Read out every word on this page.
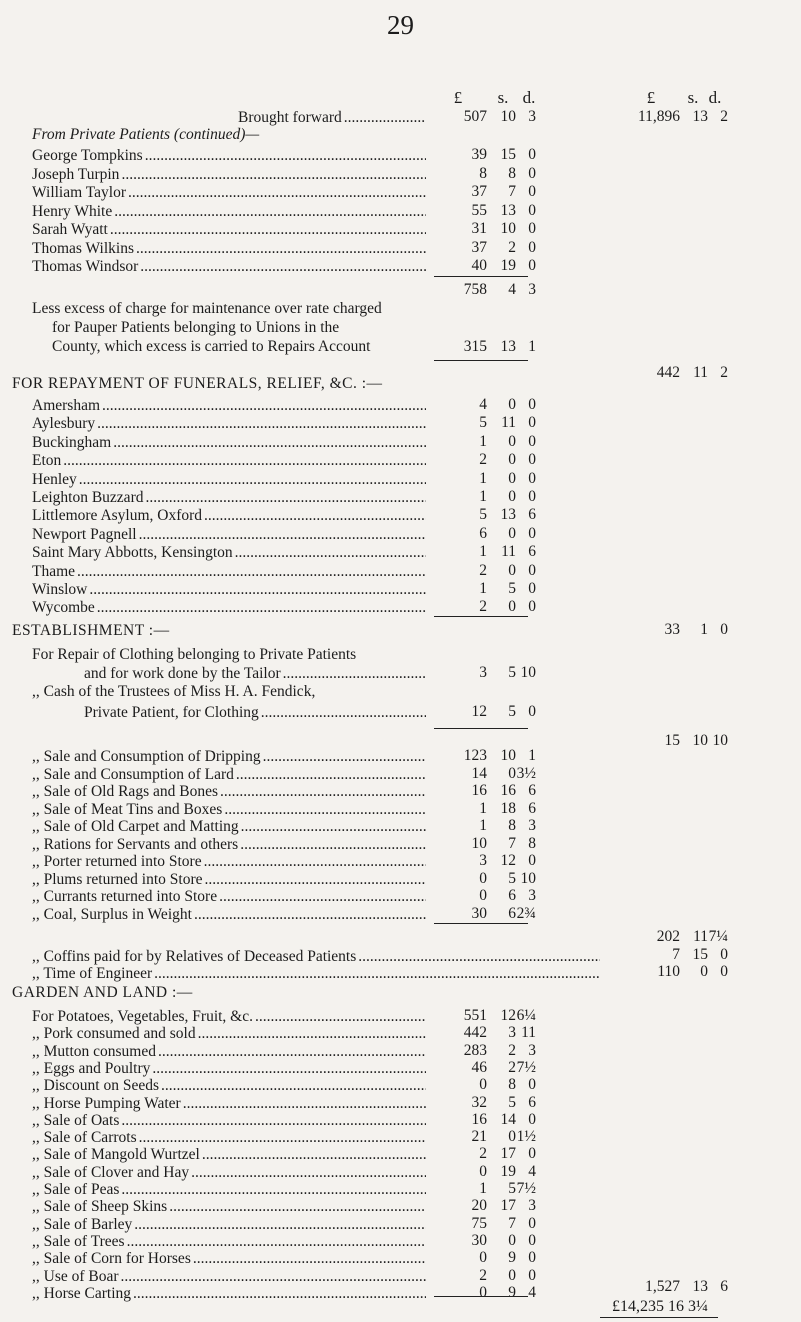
29
£	s. d.	£	s. d.
Brought forward .....	507 10 3	11,896 13 2
From Private Patients (continued)—
George Tompkins .....	39 15 0
Joseph Turpin .....	8	8 0
William Taylor .....	37	7 0
Henry White .....	55 13 0
Sarah Wyatt .....	31 10 0
Thomas Wilkins .....	37	2 0
Thomas Windsor .....	40 19 0
758	4 3
Less excess of charge for maintenance over rate charged
for Pauper Patients belonging to Unions in the
County, which excess is carried to Repairs Account	315 13 1
442 11 2
FOR REPAYMENT OF FUNERALS, RELIEF, &C. :—
Amersham .....	4	0 0
Aylesbury .....	5 11 0
Buckingham .....	1	0 0
Eton .....	2	0 0
Henley .....	1	0 0
Leighton Buzzard .....	1	0 0
Littlemore Asylum, Oxford .....	5 13 6
Newport Pagnell .....	6	0 0
Saint Mary Abbotts, Kensington .....	1 11 6
Thame .....	2	0 0
Winslow .....	1	5 0
Wycombe .....	2	0 0
33	1 0
ESTABLISHMENT :—
For Repair of Clothing belonging to Private Patients
and for work done by the Tailor .....	3	5 10
,, Cash of the Trustees of Miss H. A. Fendick,
Private Patient, for Clothing .....	12	5 0
15 10 10
,, Sale and Consumption of Dripping .....	123 10 1
,, Sale and Consumption of Lard .....	14	0 3½
,, Sale of Old Rags and Bones .....	16 16 6
,, Sale of Meat Tins and Boxes .....	1 18 6
,, Sale of Old Carpet and Matting .....	1	8 3
,, Rations for Servants and others .....	10	7 8
,, Porter returned into Store .....	3 12 0
,, Plums returned into Store .....	0	5 10
,, Currants returned into Store .....	0	6 3
,, Coal, Surplus in Weight .....	30	6 2¾
202 11 7¼
,, Coffins paid for by Relatives of Deceased Patients .....	7 15 0
,, Time of Engineer .....	110	0 0
GARDEN AND LAND :—
For Potatoes, Vegetables, Fruit, &c. .....	551 12 6¼
,, Pork consumed and sold .....	442	3 11
,, Mutton consumed .....	283	2 3
,, Eggs and Poultry .....	46	2 7½
,, Discount on Seeds .....	0	8 0
,, Horse Pumping Water .....	32	5 6
,, Sale of Oats .....	16 14 0
,, Sale of Carrots .....	21	0 1½
,, Sale of Mangold Wurtzel .....	2 17 0
,, Sale of Clover and Hay .....	0 19 4
,, Sale of Peas .....	1	5 7½
,, Sale of Sheep Skins .....	20 17 3
,, Sale of Barley .....	75	7 0
,, Sale of Trees .....	30	0 0
,, Sale of Corn for Horses .....	0	9 0
,, Use of Boar .....	2	0 0
,, Horse Carting .....	0	9 4	1,527 13 6
£14,235 16 3¼
